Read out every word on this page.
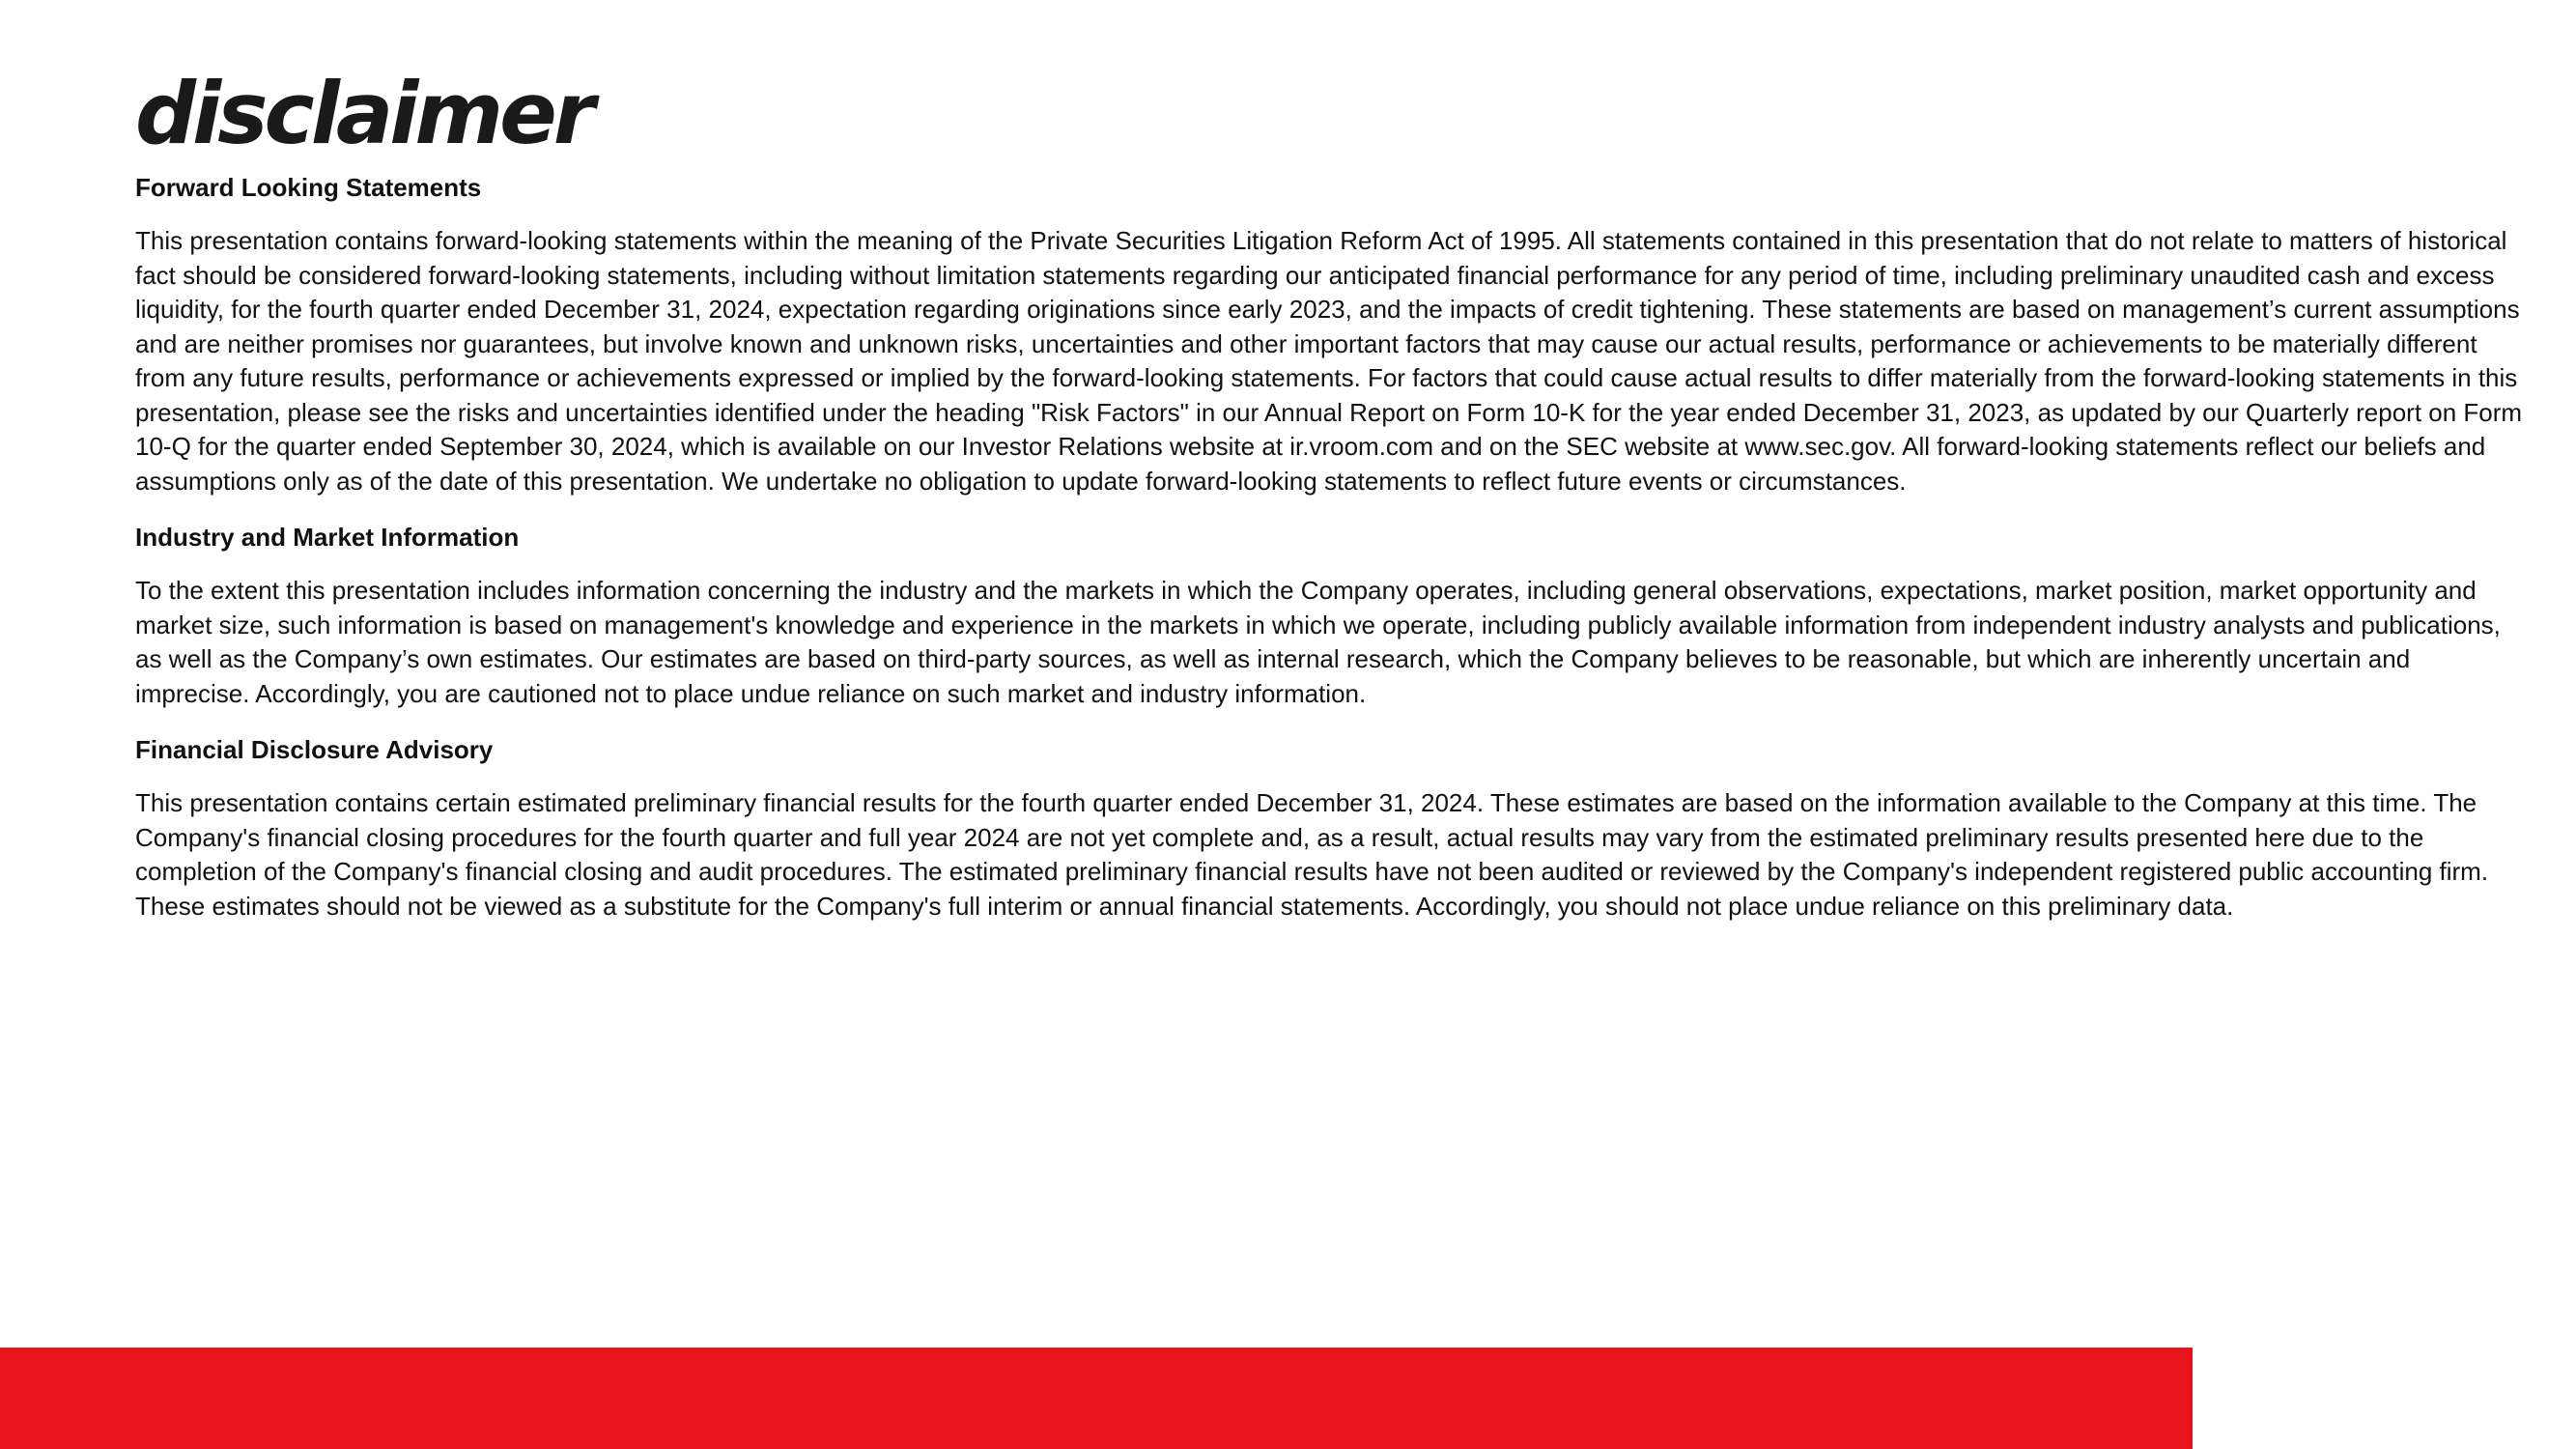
disclaimer
Forward Looking Statements

This presentation contains forward-looking statements within the meaning of the Private Securities Litigation Reform Act of 1995. All statements contained in this presentation that do not relate to matters of historical fact should be considered forward-looking statements, including without limitation statements regarding our anticipated financial performance for any period of time, including preliminary unaudited cash and excess liquidity, for the fourth quarter ended December 31, 2024, expectation regarding originations since early 2023, and the impacts of credit tightening. These statements are based on management’s current assumptions and are neither promises nor guarantees, but involve known and unknown risks, uncertainties and other important factors that may cause our actual results, performance or achievements to be materially different from any future results, performance or achievements expressed or implied by the forward-looking statements. For factors that could cause actual results to differ materially from the forward-looking statements in this presentation, please see the risks and uncertainties identified under the heading "Risk Factors" in our Annual Report on Form 10-K for the year ended December 31, 2023, as updated by our Quarterly report on Form 10-Q for the quarter ended September 30, 2024, which is available on our Investor Relations website at ir.vroom.com and on the SEC website at www.sec.gov. All forward-looking statements reflect our beliefs and assumptions only as of the date of this presentation. We undertake no obligation to update forward-looking statements to reflect future events or circumstances.

Industry and Market Information

To the extent this presentation includes information concerning the industry and the markets in which the Company operates, including general observations, expectations, market position, market opportunity and market size, such information is based on management's knowledge and experience in the markets in which we operate, including publicly available information from independent industry analysts and publications, as well as the Company’s own estimates. Our estimates are based on third-party sources, as well as internal research, which the Company believes to be reasonable, but which are inherently uncertain and imprecise. Accordingly, you are cautioned not to place undue reliance on such market and industry information.

Financial Disclosure Advisory

This presentation contains certain estimated preliminary financial results for the fourth quarter ended December 31, 2024. These estimates are based on the information available to the Company at this time. The Company's financial closing procedures for the fourth quarter and full year 2024 are not yet complete and, as a result, actual results may vary from the estimated preliminary results presented here due to the completion of the Company's financial closing and audit procedures. The estimated preliminary financial results have not been audited or reviewed by the Company's independent registered public accounting firm. These estimates should not be viewed as a substitute for the Company's full interim or annual financial statements. Accordingly, you should not place undue reliance on this preliminary data.
